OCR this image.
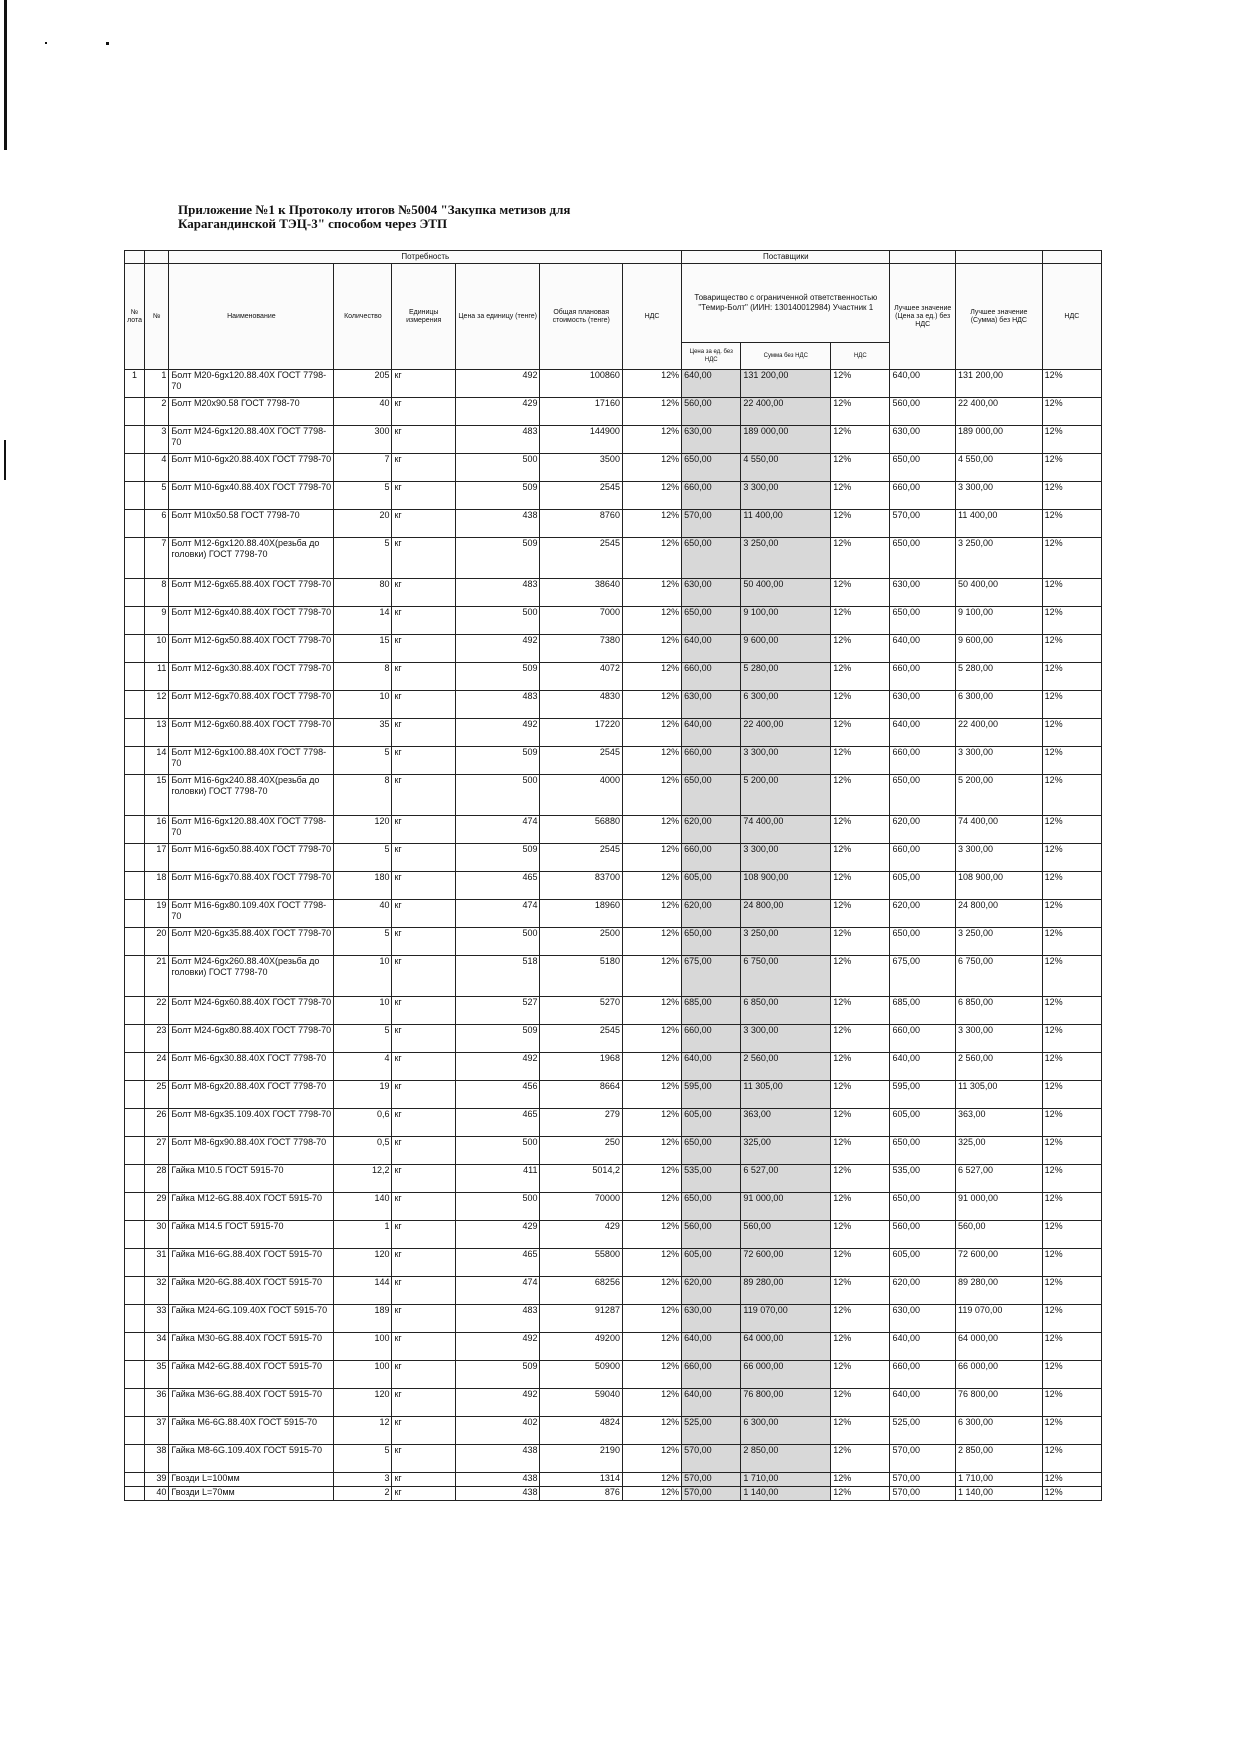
Приложение №1 к Протоколу итогов №5004 "Закупка метизов для
Карагандинской ТЭЦ-3" способом через ЭТП
		Потребность						Поставщики					
№ лота	№	Наименование	Количество	Единицы измерения	Цена за единицу (тенге)	Общая плановая стоимость (тенге)	НДС	Товарищество с ограниченной ответственностью "Темир-Болт" (ИИН: 130140012984) Участник 1			Лучшее значение (Цена за ед.) без НДС	Лучшее значение (Сумма) без НДС	НДС
								Цена за ед. без НДС	Сумма без НДС	НДС			
1	1	Болт М20-6gх120.88.40Х ГОСТ 7798-70	205	кг	492	100860	12%	640,00	131 200,00	12%	640,00	131 200,00	12%
	2	Болт М20х90.58 ГОСТ 7798-70	40	кг	429	17160	12%	560,00	22 400,00	12%	560,00	22 400,00	12%
	3	Болт М24-6gх120.88.40Х ГОСТ 7798-70	300	кг	483	144900	12%	630,00	189 000,00	12%	630,00	189 000,00	12%
	4	Болт М10-6gх20.88.40Х ГОСТ 7798-70	7	кг	500	3500	12%	650,00	4 550,00	12%	650,00	4 550,00	12%
	5	Болт М10-6gх40.88.40Х ГОСТ 7798-70	5	кг	509	2545	12%	660,00	3 300,00	12%	660,00	3 300,00	12%
	6	Болт М10х50.58 ГОСТ 7798-70	20	кг	438	8760	12%	570,00	11 400,00	12%	570,00	11 400,00	12%
	7	Болт М12-6gх120.88.40Х(резьба до головки) ГОСТ 7798-70	5	кг	509	2545	12%	650,00	3 250,00	12%	650,00	3 250,00	12%
	8	Болт М12-6gх65.88.40Х ГОСТ 7798-70	80	кг	483	38640	12%	630,00	50 400,00	12%	630,00	50 400,00	12%
	9	Болт М12-6gх40.88.40Х ГОСТ 7798-70	14	кг	500	7000	12%	650,00	9 100,00	12%	650,00	9 100,00	12%
	10	Болт М12-6gх50.88.40Х ГОСТ 7798-70	15	кг	492	7380	12%	640,00	9 600,00	12%	640,00	9 600,00	12%
	11	Болт М12-6gх30.88.40Х ГОСТ 7798-70	8	кг	509	4072	12%	660,00	5 280,00	12%	660,00	5 280,00	12%
	12	Болт М12-6gх70.88.40Х ГОСТ 7798-70	10	кг	483	4830	12%	630,00	6 300,00	12%	630,00	6 300,00	12%
	13	Болт М12-6gх60.88.40Х ГОСТ 7798-70	35	кг	492	17220	12%	640,00	22 400,00	12%	640,00	22 400,00	12%
	14	Болт М12-6gх100.88.40Х ГОСТ 7798-70	5	кг	509	2545	12%	660,00	3 300,00	12%	660,00	3 300,00	12%
	15	Болт М16-6gх240.88.40Х(резьба до головки) ГОСТ 7798-70	8	кг	500	4000	12%	650,00	5 200,00	12%	650,00	5 200,00	12%
	16	Болт М16-6gх120.88.40Х ГОСТ 7798-70	120	кг	474	56880	12%	620,00	74 400,00	12%	620,00	74 400,00	12%
	17	Болт М16-6gх50.88.40Х ГОСТ 7798-70	5	кг	509	2545	12%	660,00	3 300,00	12%	660,00	3 300,00	12%
	18	Болт М16-6gх70.88.40Х ГОСТ 7798-70	180	кг	465	83700	12%	605,00	108 900,00	12%	605,00	108 900,00	12%
	19	Болт М16-6gх80.109.40Х ГОСТ 7798-70	40	кг	474	18960	12%	620,00	24 800,00	12%	620,00	24 800,00	12%
	20	Болт М20-6gх35.88.40Х ГОСТ 7798-70	5	кг	500	2500	12%	650,00	3 250,00	12%	650,00	3 250,00	12%
	21	Болт М24-6gх260.88.40Х(резьба до головки) ГОСТ 7798-70	10	кг	518	5180	12%	675,00	6 750,00	12%	675,00	6 750,00	12%
	22	Болт М24-6gх60.88.40Х ГОСТ 7798-70	10	кг	527	5270	12%	685,00	6 850,00	12%	685,00	6 850,00	12%
	23	Болт М24-6gх80.88.40Х ГОСТ 7798-70	5	кг	509	2545	12%	660,00	3 300,00	12%	660,00	3 300,00	12%
	24	Болт М6-6gх30.88.40Х ГОСТ 7798-70	4	кг	492	1968	12%	640,00	2 560,00	12%	640,00	2 560,00	12%
	25	Болт М8-6gх20.88.40Х ГОСТ 7798-70	19	кг	456	8664	12%	595,00	11 305,00	12%	595,00	11 305,00	12%
	26	Болт М8-6gх35.109.40Х ГОСТ 7798-70	0,6	кг	465	279	12%	605,00	363,00	12%	605,00	363,00	12%
	27	Болт М8-6gх90.88.40Х ГОСТ 7798-70	0,5	кг	500	250	12%	650,00	325,00	12%	650,00	325,00	12%
	28	Гайка М10.5 ГОСТ 5915-70	12,2	кг	411	5014,2	12%	535,00	6 527,00	12%	535,00	6 527,00	12%
	29	Гайка М12-6G.88.40Х ГОСТ 5915-70	140	кг	500	70000	12%	650,00	91 000,00	12%	650,00	91 000,00	12%
	30	Гайка М14.5 ГОСТ 5915-70	1	кг	429	429	12%	560,00	560,00	12%	560,00	560,00	12%
	31	Гайка М16-6G.88.40Х ГОСТ 5915-70	120	кг	465	55800	12%	605,00	72 600,00	12%	605,00	72 600,00	12%
	32	Гайка М20-6G.88.40Х ГОСТ 5915-70	144	кг	474	68256	12%	620,00	89 280,00	12%	620,00	89 280,00	12%
	33	Гайка М24-6G.109.40Х ГОСТ 5915-70	189	кг	483	91287	12%	630,00	119 070,00	12%	630,00	119 070,00	12%
	34	Гайка М30-6G.88.40Х ГОСТ 5915-70	100	кг	492	49200	12%	640,00	64 000,00	12%	640,00	64 000,00	12%
	35	Гайка М42-6G.88.40Х ГОСТ 5915-70	100	кг	509	50900	12%	660,00	66 000,00	12%	660,00	66 000,00	12%
	36	Гайка М36-6G.88.40Х ГОСТ 5915-70	120	кг	492	59040	12%	640,00	76 800,00	12%	640,00	76 800,00	12%
	37	Гайка М6-6G.88.40Х ГОСТ 5915-70	12	кг	402	4824	12%	525,00	6 300,00	12%	525,00	6 300,00	12%
	38	Гайка М8-6G.109.40Х ГОСТ 5915-70	5	кг	438	2190	12%	570,00	2 850,00	12%	570,00	2 850,00	12%
	39	Гвозди L=100мм	3	кг	438	1314	12%	570,00	1 710,00	12%	570,00	1 710,00	12%
	40	Гвозди L=70мм	2	кг	438	876	12%	570,00	1 140,00	12%	570,00	1 140,00	12%
